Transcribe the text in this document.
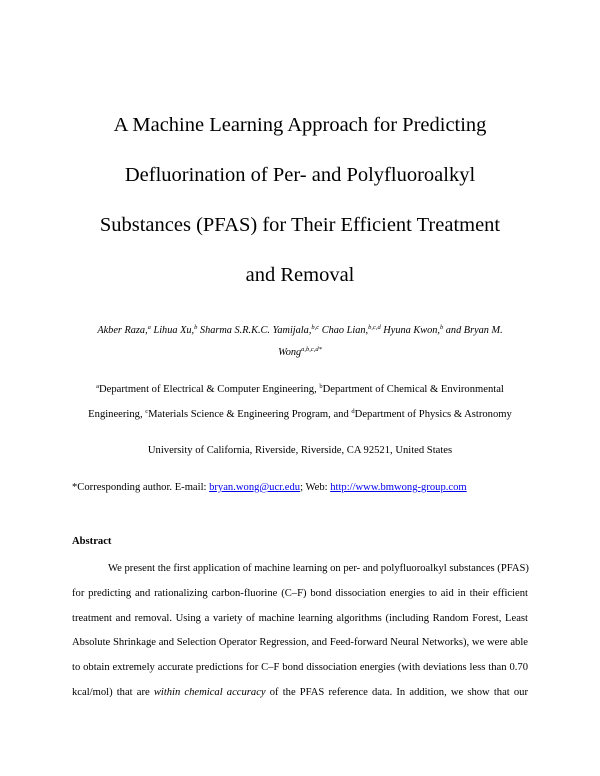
A Machine Learning Approach for Predicting
Defluorination of Per- and Polyfluoroalkyl
Substances (PFAS) for Their Efficient Treatment
and Removal
Akber Raza,$^a$ Lihua Xu,$^b$ Sharma S.R.K.C. Yamijala,$^{b,c}$ Chao Lian,$^{b,c,d}$ Hyuna Kwon,$^b$ and Bryan M.
Wong$^{a,b,c,d*}$
$^a$Department of Electrical & Computer Engineering, $^b$Department of Chemical & Environmental
Engineering, $^c$Materials Science & Engineering Program, and $^d$Department of Physics & Astronomy
University of California, Riverside, Riverside, CA 92521, United States
*Corresponding author. E-mail: bryan.wong@ucr.edu; Web: http://www.bmwong-group.com
Abstract
We present the first application of machine learning on per- and polyfluoroalkyl substances (PFAS)
for predicting and rationalizing carbon-fluorine (C–F) bond dissociation energies to aid in their efficient
treatment and removal. Using a variety of machine learning algorithms (including Random Forest, Least
Absolute Shrinkage and Selection Operator Regression, and Feed-forward Neural Networks), we were able
to obtain extremely accurate predictions for C–F bond dissociation energies (with deviations less than 0.70
kcal/mol) that are within chemical accuracy of the PFAS reference data. In addition, we show that our
